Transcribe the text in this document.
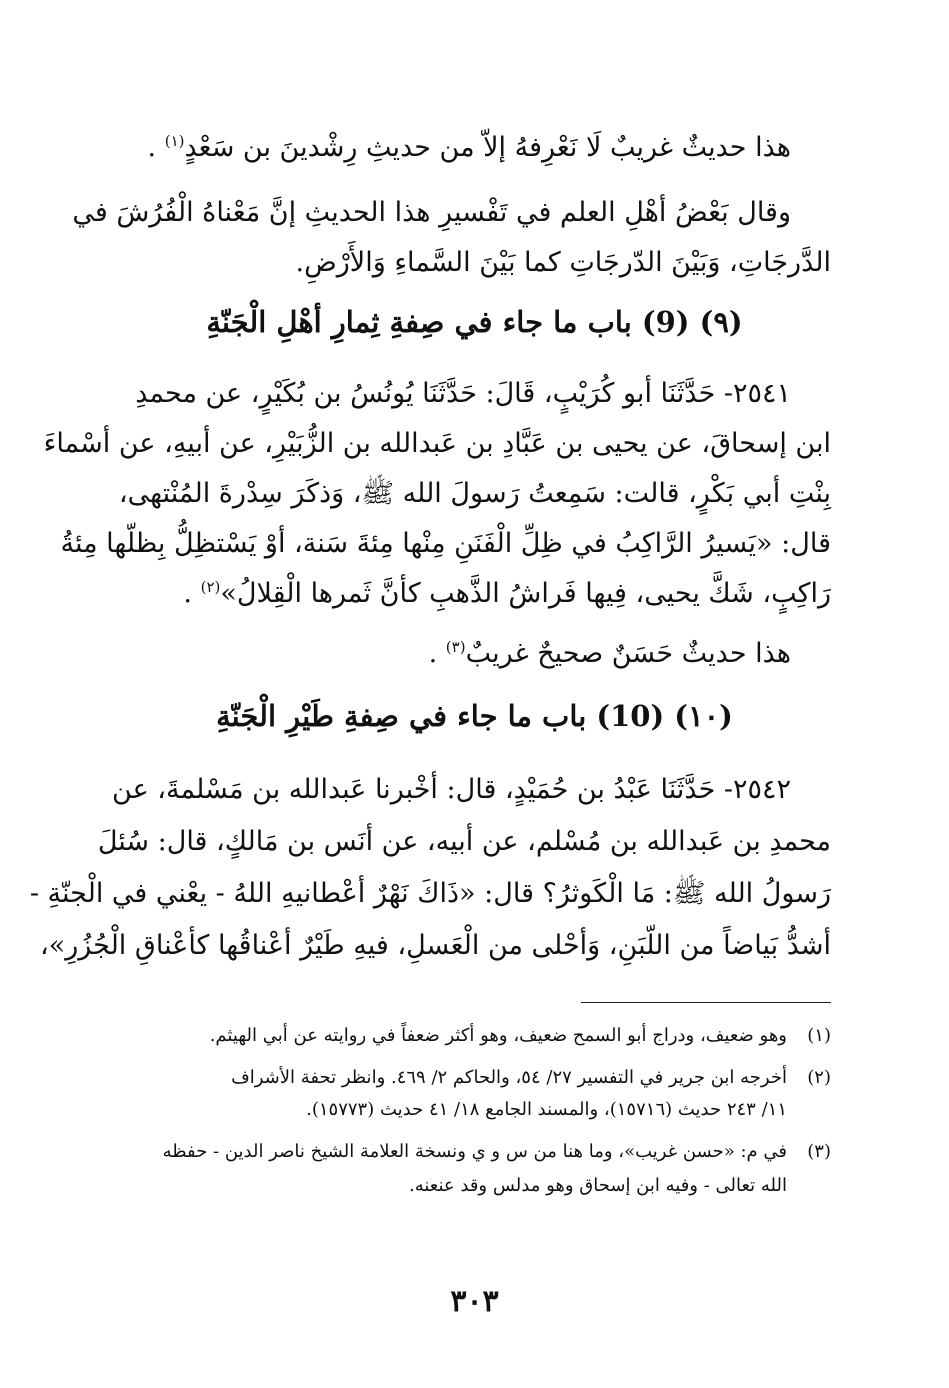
هذا حديثٌ غريبٌ لَا نَعْرِفهُ إلاّ من حديثِ رِشْدينَ بن سَعْدٍ$^{(١)}$ .
وقال بَعْضُ أهْلِ العلم في تَفْسيرِ هذا الحديثِ إنَّ مَعْناهُ الْفُرُشَ في
الدَّرجَاتِ، وَبَيْنَ الدّرجَاتِ كما بَيْنَ السَّماءِ وَالأَرْضِ.
(٩) (9) باب ما جاء في صِفةِ ثِمارِ أهْلِ الْجَنّةِ
٢٥٤١- حَدَّثَنَا أبو كُرَيْبٍ، قَالَ: حَدَّثَنَا يُونُسُ بن بُكَيْرٍ، عن محمدِ
ابن إسحاقَ، عن يحيى بن عَبَّادِ بن عَبدالله بن الزُّبَيْرِ، عن أبيهِ، عن أسْماءَ
بِنْتِ أبي بَكْرٍ، قالت: سَمِعتُ رَسولَ الله ﷺ، وَذكَرَ سِدْرةَ المُنْتهى،
قال: «يَسيرُ الرَّاكِبُ في ظِلِّ الْفَنَنِ مِنْها مِئةَ سَنة، أوْ يَسْتظِلُّ بِظلّها مِئةُ
رَاكِبٍ، شَكَّ يحيى، فِيها فَراشُ الذَّهبِ كأنَّ ثَمرها الْقِلالُ»$^{(٢)}$ .
هذا حديثٌ حَسَنٌ صحيحٌ غريبٌ$^{(٣)}$ .
(١٠) (10) باب ما جاء في صِفةِ طَيْرِ الْجَنّةِ
٢٥٤٢- حَدَّثَنَا عَبْدُ بن حُمَيْدٍ، قال: أخْبرنا عَبدالله بن مَسْلمةَ، عن
محمدِ بن عَبدالله بن مُسْلم، عن أبيه، عن أنَس بن مَالكٍ، قال: سُئلَ
رَسولُ الله ﷺ: مَا الْكَوثرُ؟ قال: «ذَاكَ نَهْرٌ أعْطانيهِ اللهُ - يعْني في الْجنّةِ -
أشدُّ بَياضاً من اللّبَنِ، وَأحْلى من الْعَسلِ، فيهِ طَيْرٌ أعْناقُها كأعْناقِ الْجُزُرِ»،
(١)وهو ضعيف، ودراج أبو السمح ضعيف، وهو أكثر ضعفاً في روايته عن أبي الهيثم.
(٢)أخرجه ابن جرير في التفسير ٢٧/ ٥٤، والحاكم ٢/ ٤٦٩. وانظر تحفة الأشراف
١١/ ٢٤٣ حديث (١٥٧١٦)، والمسند الجامع ١٨/ ٤١ حديث (١٥٧٧٣).
(٣)في م: «حسن غريب»، وما هنا من س و ي ونسخة العلامة الشيخ ناصر الدين - حفظه
الله تعالى - وفيه ابن إسحاق وهو مدلس وقد عنعنه.
٣٠٣
